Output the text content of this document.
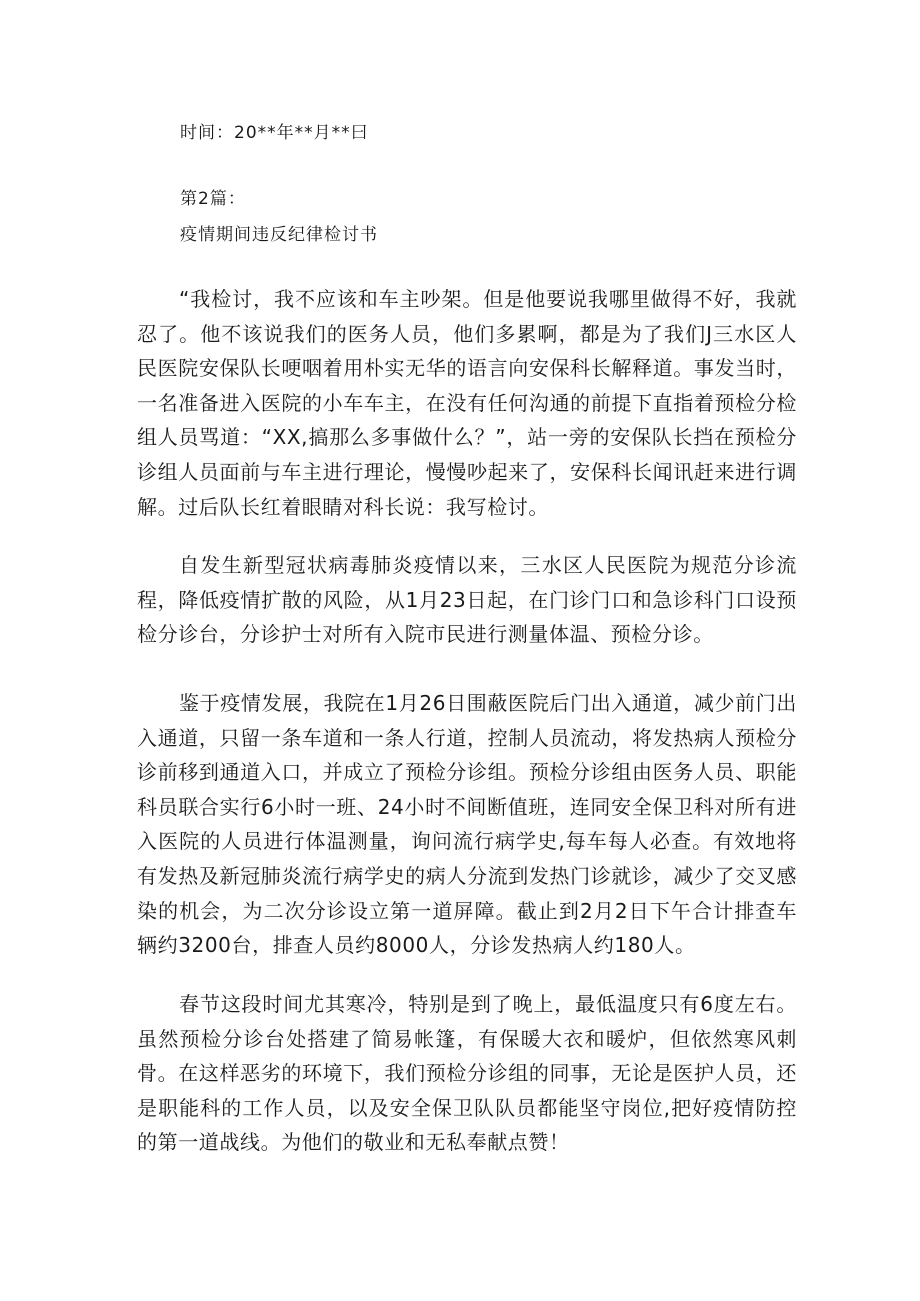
时间：20**年**月**曰

第2篇：

疫情期间违反纪律检讨书

“我检讨，我不应该和车主吵架。但是他要说我哪里做得不好，我就忍了。他不该说我们的医务人员，他们多累啊，都是为了我们J三水区人民医院安保队长哽咽着用朴实无华的语言向安保科长解释道。事发当时，一名准备进入医院的小车车主，在没有任何沟通的前提下直指着预检分检组人员骂道：“XX,搞那么多事做什么？”，站一旁的安保队长挡在预检分诊组人员面前与车主进行理论，慢慢吵起来了，安保科长闻讯赶来进行调解。过后队长红着眼睛对科长说：我写检讨。

自发生新型冠状病毒肺炎疫情以来，三水区人民医院为规范分诊流程，降低疫情扩散的风险，从1月23日起，在门诊门口和急诊科门口设预检分诊台，分诊护士对所有入院市民进行测量体温、预检分诊。

鉴于疫情发展，我院在1月26日围蔽医院后门出入通道，减少前门出入通道，只留一条车道和一条人行道，控制人员流动，将发热病人预检分诊前移到通道入口，并成立了预检分诊组。预检分诊组由医务人员、职能科员联合实行6小时一班、24小时不间断值班，连同安全保卫科对所有进入医院的人员进行体温测量，询问流行病学史,每车每人必查。有效地将有发热及新冠肺炎流行病学史的病人分流到发热门诊就诊，减少了交叉感染的机会，为二次分诊设立第一道屏障。截止到2月2日下午合计排查车辆约3200台，排查人员约8000人，分诊发热病人约180人。

春节这段时间尤其寒冷，特别是到了晚上，最低温度只有6度左右。虽然预检分诊台处搭建了简易帐篷，有保暖大衣和暖炉，但依然寒风刺骨。在这样恶劣的环境下，我们预检分诊组的同事，无论是医护人员，还是职能科的工作人员，以及安全保卫队队员都能坚守岗位,把好疫情防控的第一道战线。为他们的敬业和无私奉献点赞！
